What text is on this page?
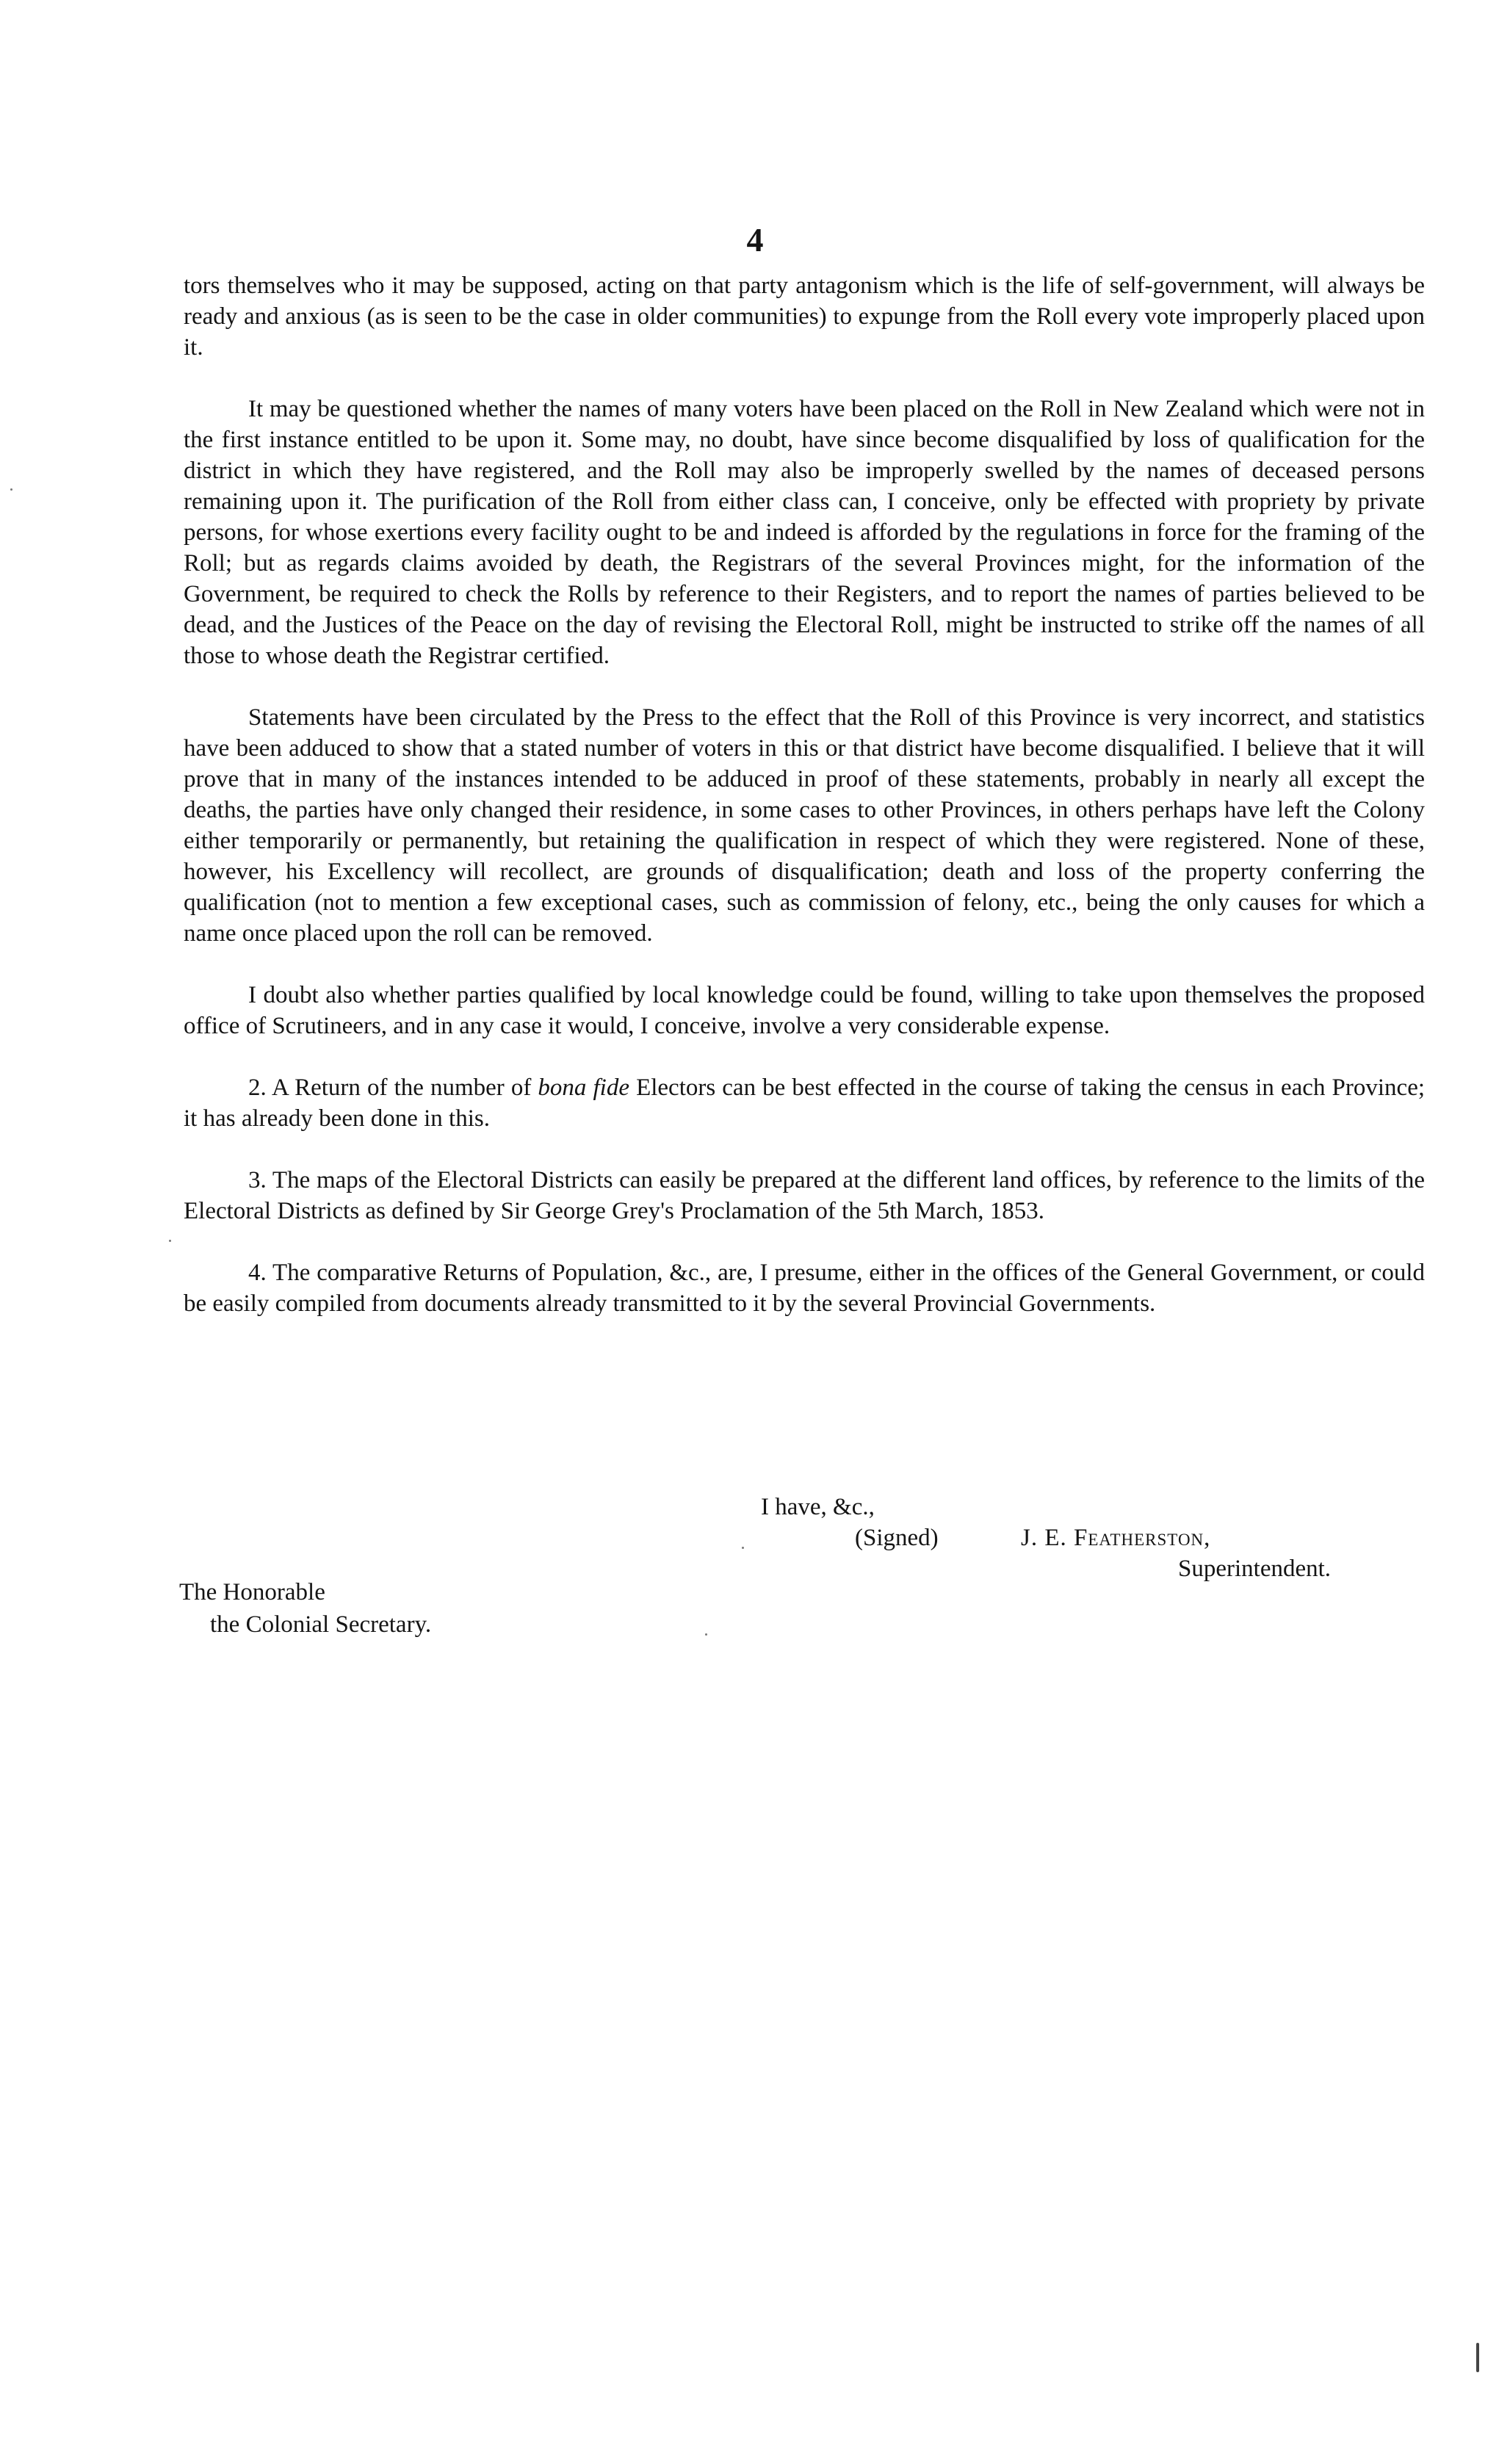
4

tors themselves who it may be supposed, acting on that party antagonism which is the life of self-government, will always be ready and anxious (as is seen to be the case in older communities) to expunge from the Roll every vote improperly placed upon it.

It may be questioned whether the names of many voters have been placed on the Roll in New Zealand which were not in the first instance entitled to be upon it. Some may, no doubt, have since become disqualified by loss of qualification for the district in which they have registered, and the Roll may also be improperly swelled by the names of deceased persons remaining upon it. The purification of the Roll from either class can, I conceive, only be effected with propriety by private persons, for whose exertions every facility ought to be and indeed is afforded by the regulations in force for the framing of the Roll; but as regards claims avoided by death, the Registrars of the several Provinces might, for the information of the Government, be required to check the Rolls by reference to their Registers, and to report the names of parties believed to be dead, and the Justices of the Peace on the day of revising the Electoral Roll, might be instructed to strike off the names of all those to whose death the Registrar certified.

Statements have been circulated by the Press to the effect that the Roll of this Province is very incorrect, and statistics have been adduced to show that a stated number of voters in this or that district have become disqualified. I believe that it will prove that in many of the instances intended to be adduced in proof of these statements, probably in nearly all except the deaths, the parties have only changed their residence, in some cases to other Provinces, in others perhaps have left the Colony either temporarily or permanently, but retaining the qualification in respect of which they were registered. None of these, however, his Excellency will recollect, are grounds of disqualification; death and loss of the property conferring the qualification (not to mention a few exceptional cases, such as commission of felony, etc., being the only causes for which a name once placed upon the roll can be removed.

I doubt also whether parties qualified by local knowledge could be found, willing to take upon themselves the proposed office of Scrutineers, and in any case it would, I conceive, involve a very considerable expense.

2. A Return of the number of bona fide Electors can be best effected in the course of taking the census in each Province; it has already been done in this.

3. The maps of the Electoral Districts can easily be prepared at the different land offices, by reference to the limits of the Electoral Districts as defined by Sir George Grey's Proclamation of the 5th March, 1853.

4. The comparative Returns of Population, &c., are, I presume, either in the offices of the General Government, or could be easily compiled from documents already transmitted to it by the several Provincial Governments.

I have, &c.,
(Signed)	J. E. Featherston,
Superintendent.
The Honorable
the Colonial Secretary.
